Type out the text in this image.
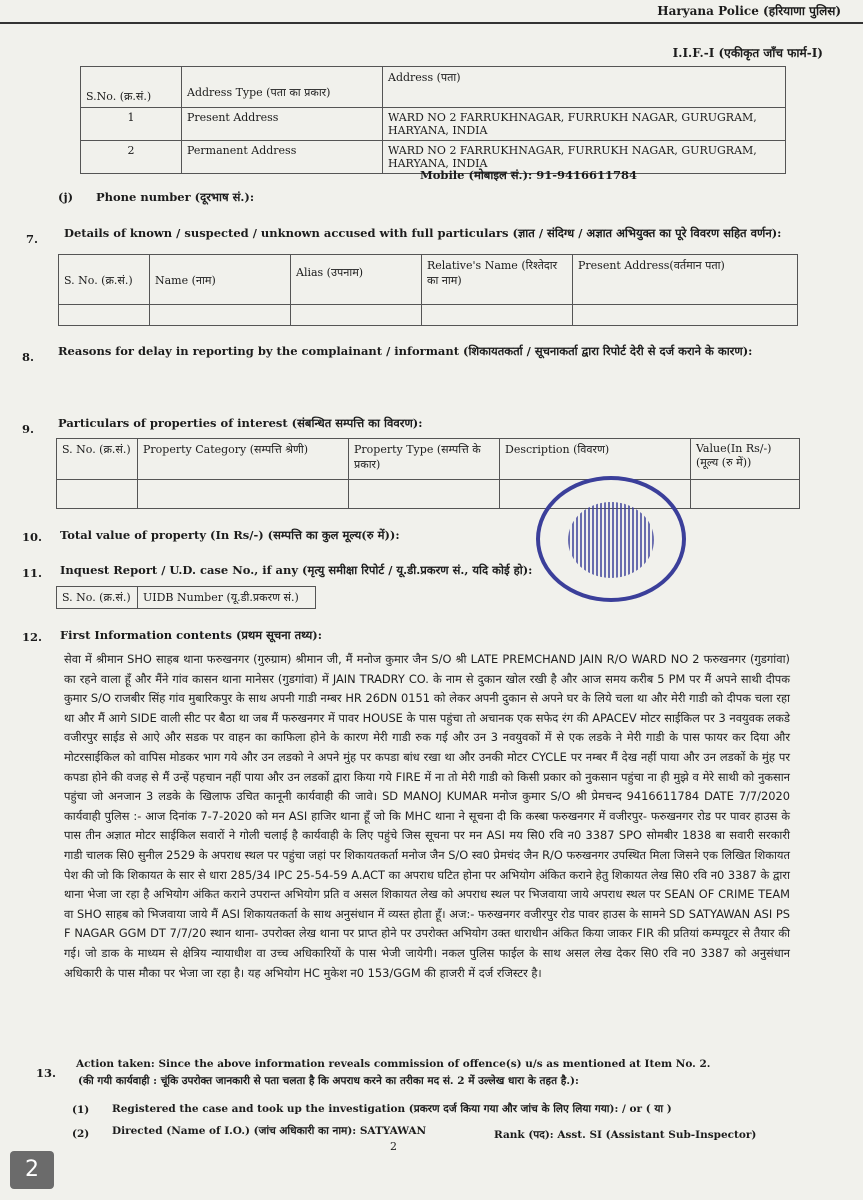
Haryana Police (हरियाणा पुलिस)
I.I.F.-I (एकीकृत जाँच फार्म-I)
S.No. (क्र.सं.)	Address Type (पता का प्रकार)	Address (पता)
1	Present Address	WARD NO 2 FARRUKHNAGAR, FURRUKH NAGAR, GURUGRAM, HARYANA, INDIA
2	Permanent Address	WARD NO 2 FARRUKHNAGAR, FURRUKH NAGAR, GURUGRAM, HARYANA, INDIA
Mobile (मोबाइल सं.): 91-9416611784
(j) Phone number (दूरभाष सं.):
7. Details of known / suspected / unknown accused with full particulars (ज्ञात / संदिग्ध / अज्ञात अभियुक्त का पूरे विवरण सहित वर्णन):
S. No. (क्र.सं.)	Name (नाम)	Alias (उपनाम)	Relative's Name (रिश्तेदार का नाम)	Present Address(वर्तमान पता)

8. Reasons for delay in reporting by the complainant / informant (शिकायतकर्ता / सूचनाकर्ता द्वारा रिपोर्ट देरी से दर्ज कराने के कारण):
9. Particulars of properties of interest (संबन्धित सम्पत्ति का विवरण):
S. No. (क्र.सं.)	Property Category (सम्पत्ति श्रेणी)	Property Type (सम्पत्ति के प्रकार)	Description (विवरण)	Value(In Rs/-) (मूल्य (रु में))

10. Total value of property (In Rs/-) (सम्पत्ति का कुल मूल्य(रु में)):
11. Inquest Report / U.D. case No., if any (मृत्यु समीक्षा रिपोर्ट / यू.डी.प्रकरण सं., यदि कोई हो):
S. No. (क्र.सं.)	UIDB Number (यू.डी.प्रकरण सं.)
12. First Information contents (प्रथम सूचना तथ्य):
सेवा में श्रीमान SHO साहब थाना फरुखनगर (गुरुग्राम) श्रीमान जी, मैं मनोज कुमार जैन S/O श्री LATE PREMCHAND JAIN R/O WARD NO 2 फरुखनगर (गुडगांवा) का रहने वाला हूँ और मैंने गांव कासन थाना मानेसर (गुडगांवा) में JAIN TRADRY CO. के नाम से दुकान खोल रखी है और आज समय करीब 5 PM पर मैं अपने साथी दीपक कुमार S/O राजबीर सिंह गांव मुबारिकपुर के साथ अपनी गाडी नम्बर HR 26DN 0151 को लेकर अपनी दुकान से अपने घर के लिये चला था और मेरी गाडी को दीपक चला रहा था और मैं आगे SIDE वाली सीट पर बैठा था जब मैं फरुखनगर में पावर HOUSE के पास पहुंचा तो अचानक एक सफेद रंग की APACEV मोटर साईकिल पर 3 नवयुवक लकडे वजीरपुर साईड से आऐ और सडक पर वाहन का काफिला होने के कारण मेरी गाडी रुक गई और उन 3 नवयुवकों में से एक लडके ने मेरी गाडी के पास फायर कर दिया और मोटरसाईकिल को वापिस मोडकर भाग गये और उन लडको ने अपने मुंह पर कपडा बांध रखा था और उनकी मोटर CYCLE पर नम्बर मैं देख नहीं पाया और उन लडकों के मुंह पर कपडा होने की वजह से मैं उन्हें पहचान नहीं पाया और उन लडकों द्वारा किया गये FIRE में ना तो मेरी गाडी को किसी प्रकार को नुकसान पहुंचा ना ही मुझे व मेरे साथी को नुकसान पहुंचा जो अनजान 3 लडके के खिलाफ उचित कानूनी कार्यवाही की जावे। SD MANOJ KUMAR मनोज कुमार S/O श्री प्रेमचन्द 9416611784 DATE 7/7/2020 कार्यवाही पुलिस :- आज दिनांक 7-7-2020 को मन ASI हाजिर थाना हूँ जो कि MHC थाना ने सूचना दी कि कस्बा फरुखनगर में वजीरपुर- फरुखनगर रोड पर पावर हाउस के पास तीन अज्ञात मोटर साईकिल सवारों ने गोली चलाई है कार्यवाही के लिए पहुंचे जिस सूचना पर मन ASI मय सि0 रवि न0 3387 SPO सोमबीर 1838 बा सवारी सरकारी गाडी चालक सि0 सुनील 2529 के अपराध स्थल पर पहुंचा जहां पर शिकायतकर्ता मनोज जैन S/O स्व0 प्रेमचंद जैन R/O फरुखनगर उपस्थित मिला जिसने एक लिखित शिकायत पेश की जो कि शिकायत के सार से धारा 285/34 IPC 25-54-59 A.ACT का अपराध घटित होना पर अभियोग अंकित कराने हेतु शिकायत लेख सि0 रवि न0 3387 के द्वारा थाना भेजा जा रहा है अभियोग अंकित कराने उपरान्त अभियोग प्रति व असल शिकायत लेख को अपराध स्थल पर भिजवाया जाये अपराध स्थल पर SEAN OF CRIME TEAM वा SHO साहब को भिजवाया जाये मैं ASI शिकायतकर्ता के साथ अनुसंधान में व्यस्त होता हूँ। अज:- फरुखनगर वजीरपुर रोड पावर हाउस के सामने SD SATYAWAN ASI PS F NAGAR GGM DT 7/7/20 स्थान थाना- उपरोक्त लेख थाना पर प्राप्त होने पर उपरोक्त अभियोग उक्त धाराधीन अंकित किया जाकर FIR की प्रतियां कम्पयूटर से तैयार की गई। जो डाक के माध्यम से क्षेत्रिय न्यायाधीश वा उच्च अधिकारियों के पास भेजी जायेगी। नकल पुलिस फाईल के साथ असल लेख देकर सि0 रवि न0 3387 को अनुसंधान अधिकारी के पास मौका पर भेजा जा रहा है। यह अभियोग HC मुकेश न0 153/GGM की हाजरी में दर्ज रजिस्टर है।
13.
Action taken: Since the above information reveals commission of offence(s) u/s as mentioned at Item No. 2.
(की गयी कार्यवाही : चूंकि उपरोक्त जानकारी से पता चलता है कि अपराध करने का तरीका मद सं. 2 में उल्लेख धारा के तहत है.):
(1) Registered the case and took up the investigation (प्रकरण दर्ज किया गया और जांच के लिए लिया गया): / or ( या )
(2) Directed (Name of I.O.) (जांच अधिकारी का नाम): SATYAWAN	Rank (पद): Asst. SI (Assistant Sub-Inspector)
2
2
